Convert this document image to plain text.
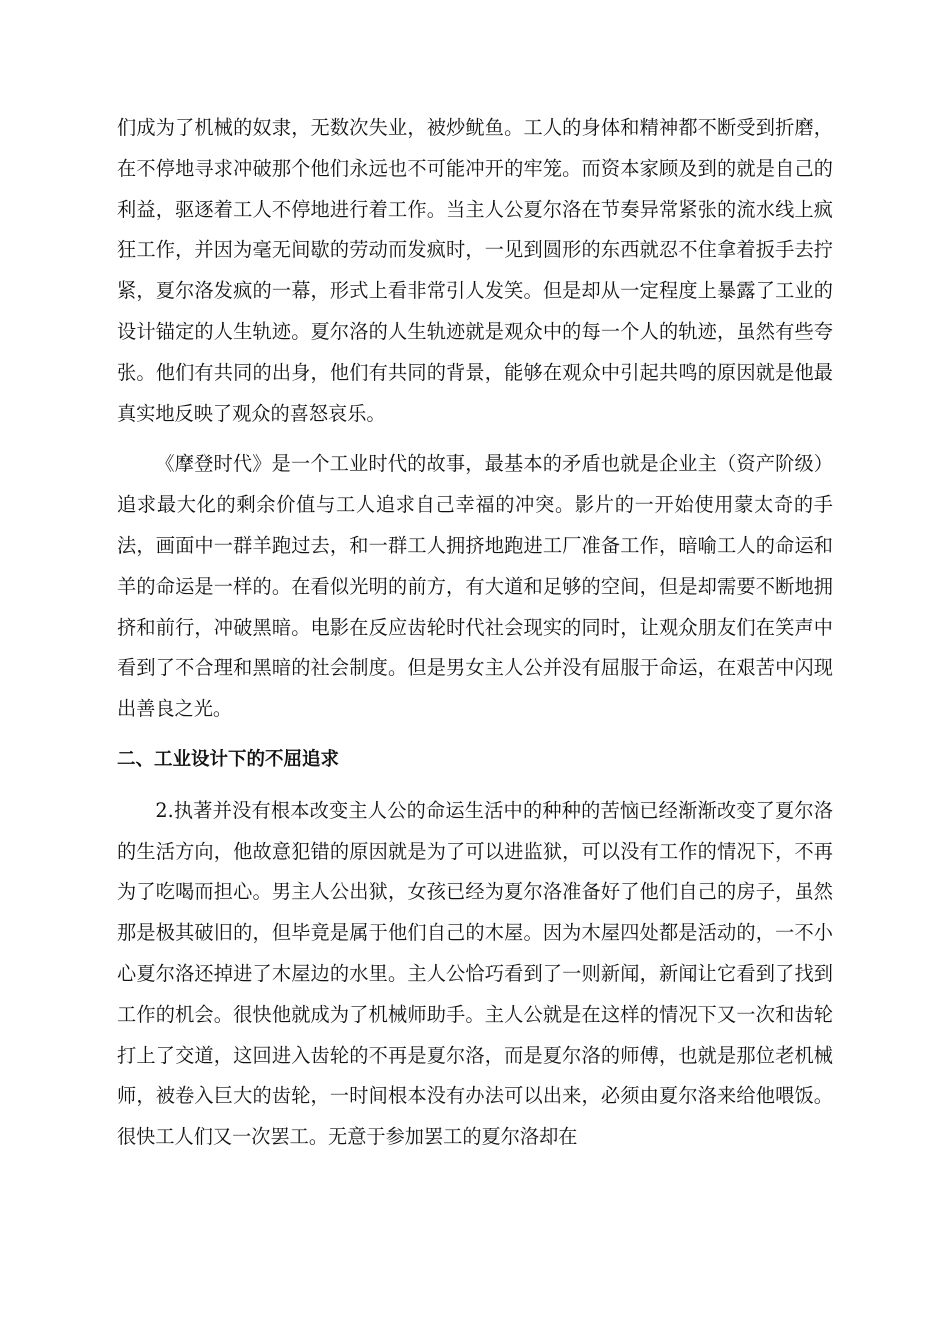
们成为了机械的奴隶，无数次失业，被炒鱿鱼。工人的身体和精神都不断受到折磨，在不停地寻求冲破那个他们永远也不可能冲开的牢笼。而资本家顾及到的就是自己的利益，驱逐着工人不停地进行着工作。当主人公夏尔洛在节奏异常紧张的流水线上疯狂工作，并因为毫无间歇的劳动而发疯时，一见到圆形的东西就忍不住拿着扳手去拧紧，夏尔洛发疯的一幕，形式上看非常引人发笑。但是却从一定程度上暴露了工业的设计锚定的人生轨迹。夏尔洛的人生轨迹就是观众中的每一个人的轨迹，虽然有些夸张。他们有共同的出身，他们有共同的背景，能够在观众中引起共鸣的原因就是他最真实地反映了观众的喜怒哀乐。

《摩登时代》是一个工业时代的故事，最基本的矛盾也就是企业主（资产阶级）追求最大化的剩余价值与工人追求自己幸福的冲突。影片的一开始使用蒙太奇的手法，画面中一群羊跑过去，和一群工人拥挤地跑进工厂准备工作，暗喻工人的命运和羊的命运是一样的。在看似光明的前方，有大道和足够的空间，但是却需要不断地拥挤和前行，冲破黑暗。电影在反应齿轮时代社会现实的同时，让观众朋友们在笑声中看到了不合理和黑暗的社会制度。但是男女主人公并没有屈服于命运，在艰苦中闪现出善良之光。

二、工业设计下的不屈追求

2.执著并没有根本改变主人公的命运生活中的种种的苦恼已经渐渐改变了夏尔洛的生活方向，他故意犯错的原因就是为了可以进监狱，可以没有工作的情况下，不再为了吃喝而担心。男主人公出狱，女孩已经为夏尔洛准备好了他们自己的房子，虽然那是极其破旧的，但毕竟是属于他们自己的木屋。因为木屋四处都是活动的，一不小心夏尔洛还掉进了木屋边的水里。主人公恰巧看到了一则新闻，新闻让它看到了找到工作的机会。很快他就成为了机械师助手。主人公就是在这样的情况下又一次和齿轮打上了交道，这回进入齿轮的不再是夏尔洛，而是夏尔洛的师傅，也就是那位老机械师，被卷入巨大的齿轮，一时间根本没有办法可以出来，必须由夏尔洛来给他喂饭。很快工人们又一次罢工。无意于参加罢工的夏尔洛却在
